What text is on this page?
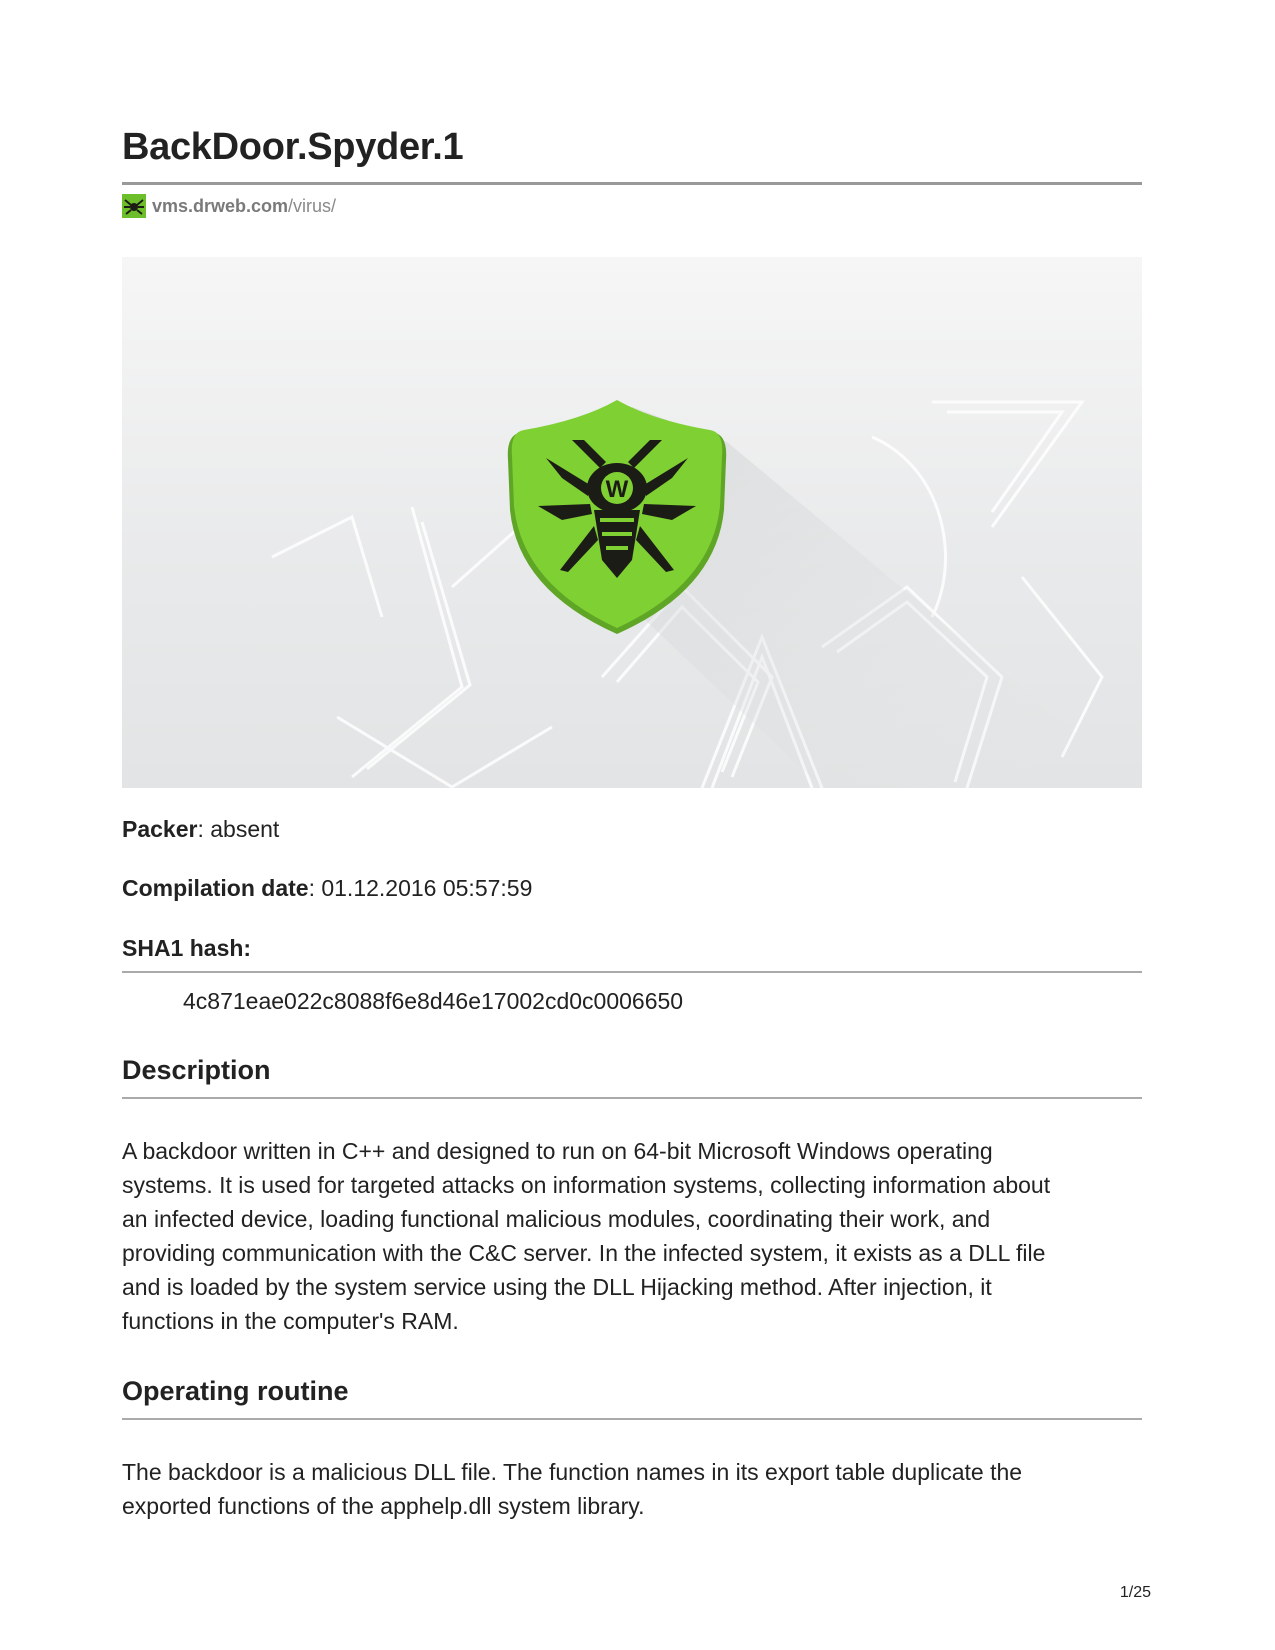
BackDoor.Spyder.1
vms.drweb.com /virus/
W

Packer: absent

Compilation date: 01.12.2016 05:57:59

SHA1 hash:

4c871eae022c8088f6e8d46e17002cd0c0006650

Description
A backdoor written in C++ and designed to run on 64-bit Microsoft Windows operating
systems. It is used for targeted attacks on information systems, collecting information about
an infected device, loading functional malicious modules, coordinating their work, and
providing communication with the C&C server. In the infected system, it exists as a DLL file
and is loaded by the system service using the DLL Hijacking method. After injection, it
functions in the computer's RAM.
Operating routine
The backdoor is a malicious DLL file. The function names in its export table duplicate the
exported functions of the apphelp.dll system library.
1/25
